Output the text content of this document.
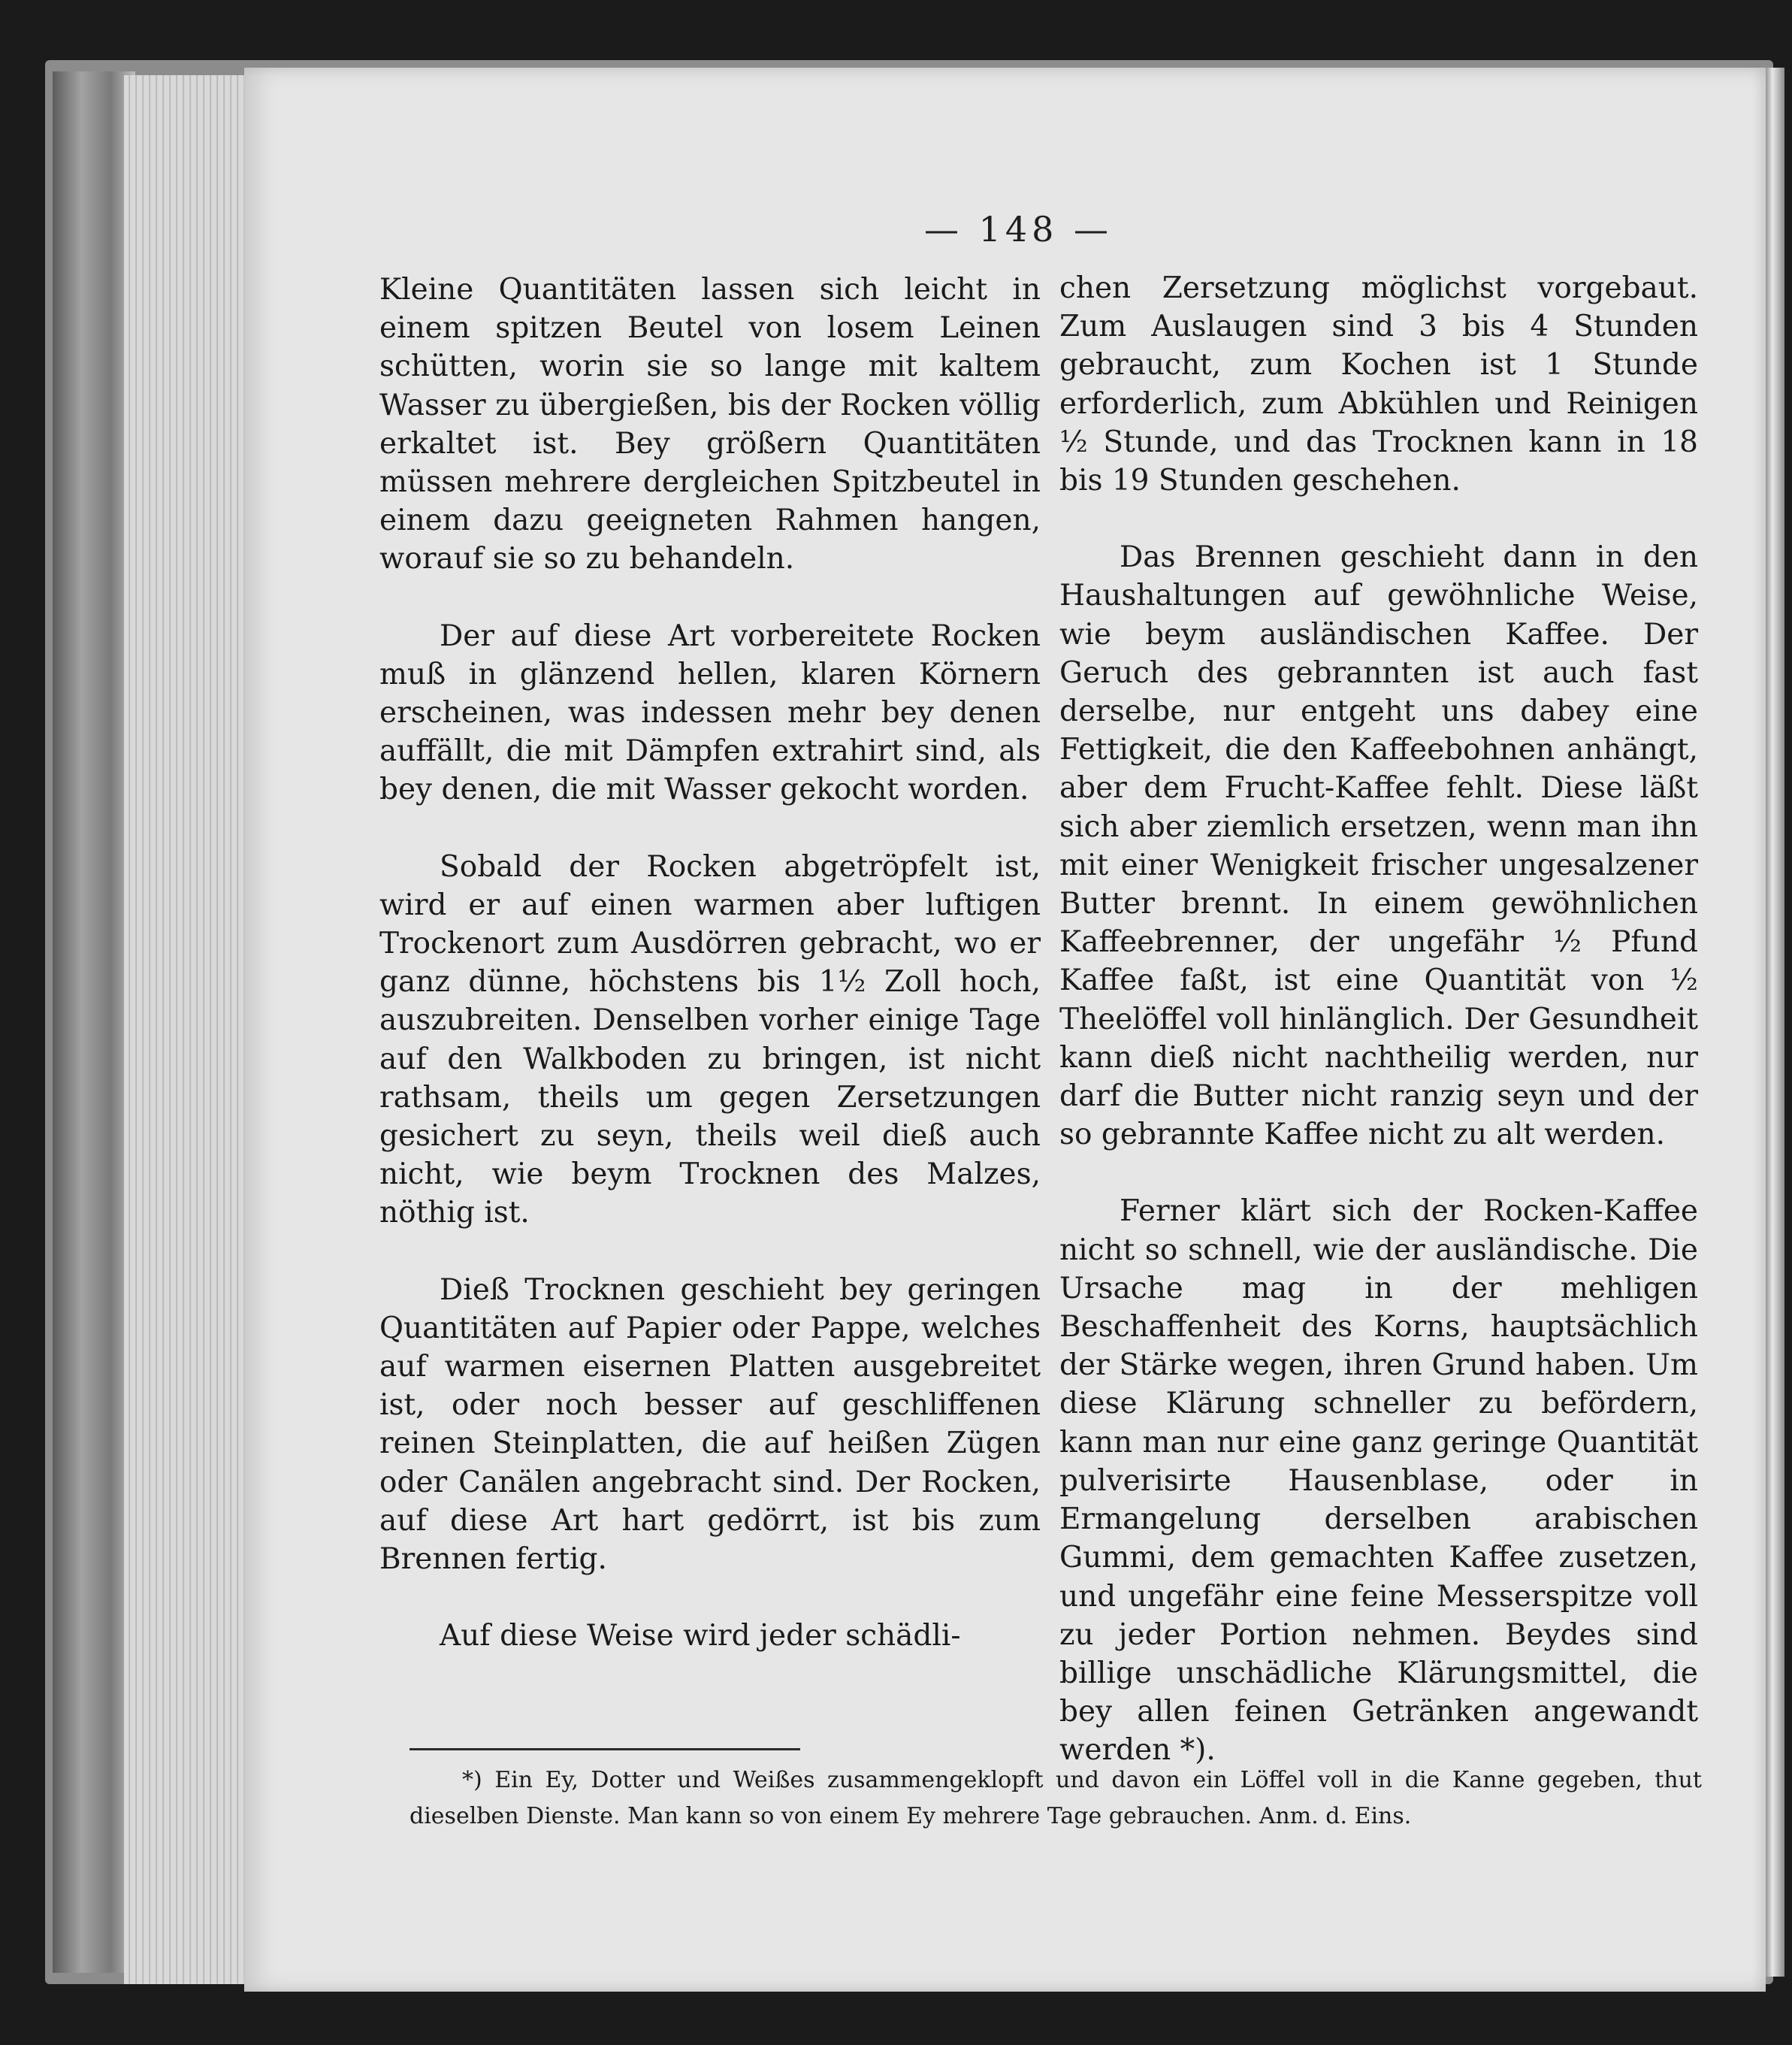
— 148 —

Kleine Quantitäten lassen sich leicht in einem spitzen Beutel von losem Leinen schütten, worin sie so lange mit kaltem Wasser zu übergießen, bis der Rocken völlig erkaltet ist. Bey größern Quantitäten müssen mehrere dergleichen Spitzbeutel in einem dazu geeigneten Rahmen hangen, worauf sie so zu behandeln.

Der auf diese Art vorbereitete Rocken muß in glänzend hellen, klaren Körnern erscheinen, was indessen mehr bey denen auffällt, die mit Dämpfen extrahirt sind, als bey denen, die mit Wasser gekocht worden.

Sobald der Rocken abgetröpfelt ist, wird er auf einen warmen aber luftigen Trockenort zum Ausdörren gebracht, wo er ganz dünne, höchstens bis 1½ Zoll hoch, auszubreiten. Denselben vorher einige Tage auf den Walkboden zu bringen, ist nicht rathsam, theils um gegen Zersetzungen gesichert zu seyn, theils weil dieß auch nicht, wie beym Trocknen des Malzes, nöthig ist.

Dieß Trocknen geschieht bey geringen Quantitäten auf Papier oder Pappe, welches auf warmen eisernen Platten ausgebreitet ist, oder noch besser auf geschliffenen reinen Steinplatten, die auf heißen Zügen oder Canälen angebracht sind. Der Rocken, auf diese Art hart gedörrt, ist bis zum Brennen fertig.

Auf diese Weise wird jeder schädli-

chen Zersetzung möglichst vorgebaut. Zum Auslaugen sind 3 bis 4 Stunden gebraucht, zum Kochen ist 1 Stunde erforderlich, zum Abkühlen und Reinigen ½ Stunde, und das Trocknen kann in 18 bis 19 Stunden geschehen.

Das Brennen geschieht dann in den Haushaltungen auf gewöhnliche Weise, wie beym ausländischen Kaffee. Der Geruch des gebrannten ist auch fast derselbe, nur entgeht uns dabey eine Fettigkeit, die den Kaffeebohnen anhängt, aber dem Frucht-Kaffee fehlt. Diese läßt sich aber ziemlich ersetzen, wenn man ihn mit einer Wenigkeit frischer ungesalzener Butter brennt. In einem gewöhnlichen Kaffeebrenner, der ungefähr ½ Pfund Kaffee faßt, ist eine Quantität von ½ Theelöffel voll hinlänglich. Der Gesundheit kann dieß nicht nachtheilig werden, nur darf die Butter nicht ranzig seyn und der so gebrannte Kaffee nicht zu alt werden.

Ferner klärt sich der Rocken-Kaffee nicht so schnell, wie der ausländische. Die Ursache mag in der mehligen Beschaffenheit des Korns, hauptsächlich der Stärke wegen, ihren Grund haben. Um diese Klärung schneller zu befördern, kann man nur eine ganz geringe Quantität pulverisirte Hausenblase, oder in Ermangelung derselben arabischen Gummi, dem gemachten Kaffee zusetzen, und ungefähr eine feine Messerspitze voll zu jeder Portion nehmen. Beydes sind billige unschädliche Klärungsmittel, die bey allen feinen Getränken angewandt werden *).

*) Ein Ey, Dotter und Weißes zusammengeklopft und davon ein Löffel voll in die Kanne gegeben, thut dieselben Dienste. Man kann so von einem Ey mehrere Tage gebrauchen. Anm. d. Eins.
